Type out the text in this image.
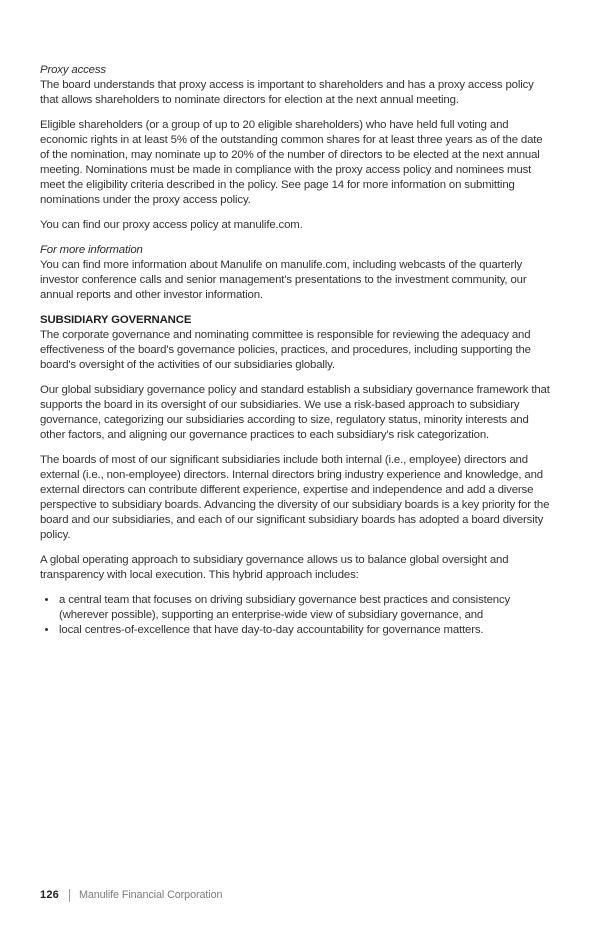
Proxy access

The board understands that proxy access is important to shareholders and has a proxy access policy that allows shareholders to nominate directors for election at the next annual meeting.

Eligible shareholders (or a group of up to 20 eligible shareholders) who have held full voting and economic rights in at least 5% of the outstanding common shares for at least three years as of the date of the nomination, may nominate up to 20% of the number of directors to be elected at the next annual meeting. Nominations must be made in compliance with the proxy access policy and nominees must meet the eligibility criteria described in the policy. See page 14 for more information on submitting nominations under the proxy access policy.

You can find our proxy access policy at manulife.com.

For more information

You can find more information about Manulife on manulife.com, including webcasts of the quarterly investor conference calls and senior management's presentations to the investment community, our annual reports and other investor information.

SUBSIDIARY GOVERNANCE

The corporate governance and nominating committee is responsible for reviewing the adequacy and effectiveness of the board's governance policies, practices, and procedures, including supporting the board's oversight of the activities of our subsidiaries globally.

Our global subsidiary governance policy and standard establish a subsidiary governance framework that supports the board in its oversight of our subsidiaries. We use a risk-based approach to subsidiary governance, categorizing our subsidiaries according to size, regulatory status, minority interests and other factors, and aligning our governance practices to each subsidiary's risk categorization.

The boards of most of our significant subsidiaries include both internal (i.e., employee) directors and external (i.e., non-employee) directors. Internal directors bring industry experience and knowledge, and external directors can contribute different experience, expertise and independence and add a diverse perspective to subsidiary boards. Advancing the diversity of our subsidiary boards is a key priority for the board and our subsidiaries, and each of our significant subsidiary boards has adopted a board diversity policy.

A global operating approach to subsidiary governance allows us to balance global oversight and transparency with local execution. This hybrid approach includes:

• a central team that focuses on driving subsidiary governance best practices and consistency (wherever possible), supporting an enterprise-wide view of subsidiary governance, and
• local centres-of-excellence that have day-to-day accountability for governance matters.
126 Manulife Financial Corporation
